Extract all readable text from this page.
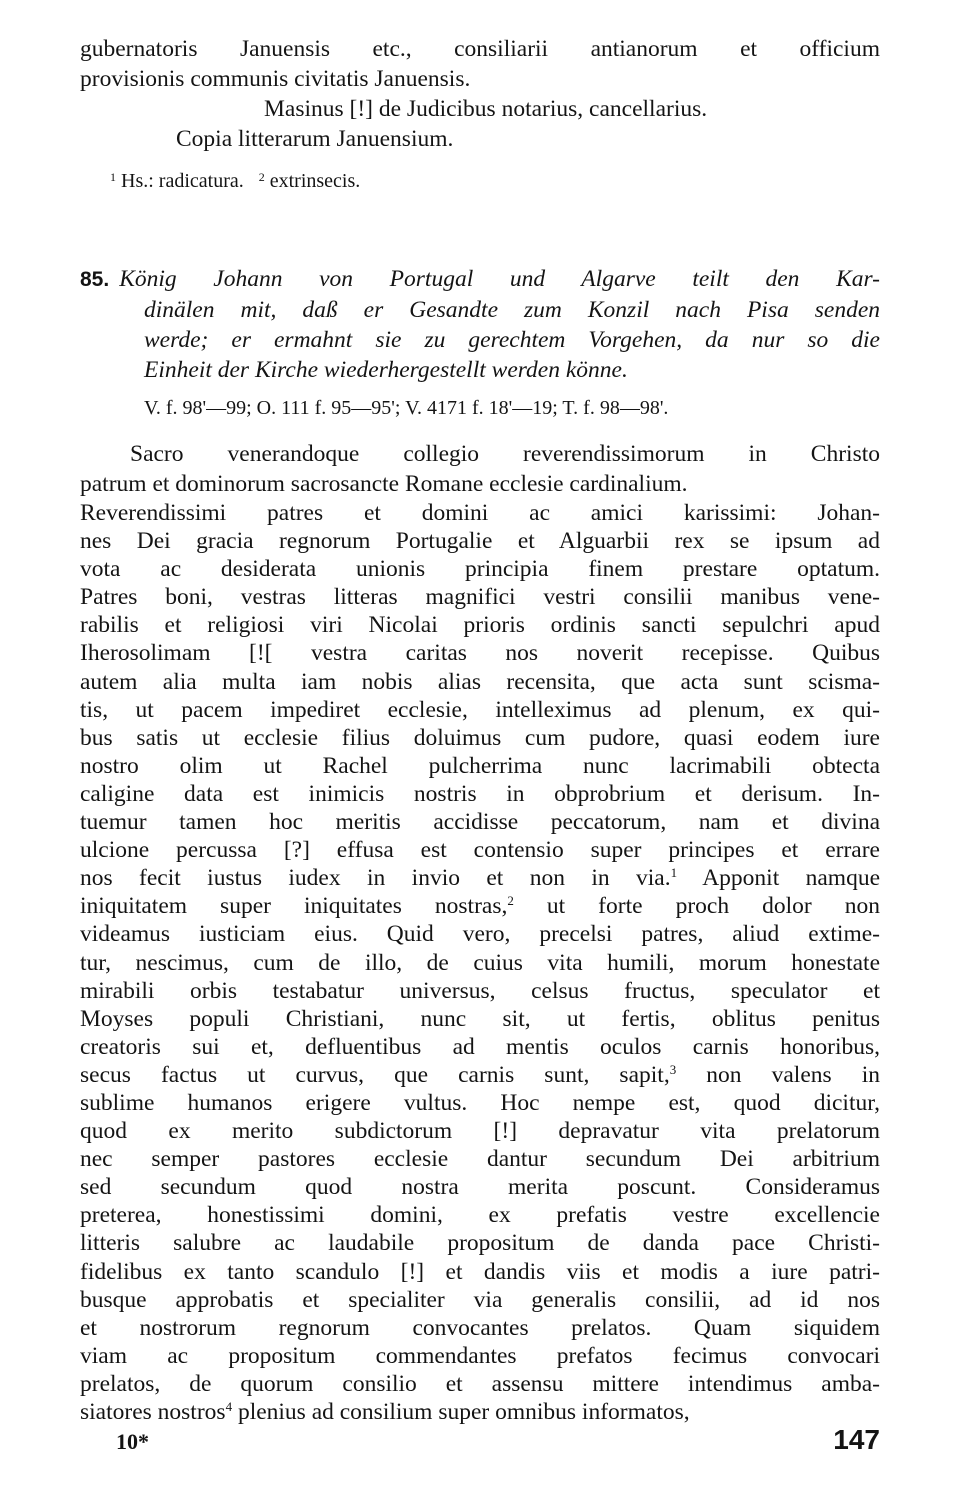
gubernatoris Januensis etc., consiliarii antianorum et officium
provisionis communis civitatis Januensis.
Masinus [!] de Judicibus notarius, cancellarius.
Copia litterarum Januensium.
$^1$ Hs.: radicatura. $^2$ extrinsecis.
85. König Johann von Portugal und Algarve teilt den Kar-
dinälen mit, daß er Gesandte zum Konzil nach Pisa senden
werde; er ermahnt sie zu gerechtem Vorgehen, da nur so die
Einheit der Kirche wiederhergestellt werden könne.
V. f. 98'—99; O. 111 f. 95—95'; V. 4171 f. 18'—19; T. f. 98—98'.
Sacro venerandoque collegio reverendissimorum in Christo
patrum et dominorum sacrosancte Romane ecclesie cardinalium.
Reverendissimi patres et domini ac amici karissimi: Johan-
nes Dei gracia regnorum Portugalie et Alguarbii rex se ipsum ad
vota ac desiderata unionis principia finem prestare optatum.
Patres boni, vestras litteras magnifici vestri consilii manibus vene-
rabilis et religiosi viri Nicolai prioris ordinis sancti sepulchri apud
Iherosolimam [![ vestra caritas nos noverit recepisse. Quibus
autem alia multa iam nobis alias recensita, que acta sunt scisma-
tis, ut pacem impediret ecclesie, intelleximus ad plenum, ex qui-
bus satis ut ecclesie filius doluimus cum pudore, quasi eodem iure
nostro olim ut Rachel pulcherrima nunc lacrimabili obtecta
caligine data est inimicis nostris in obprobrium et derisum. In-
tuemur tamen hoc meritis accidisse peccatorum, nam et divina
ulcione percussa [?] effusa est contensio super principes et errare
nos fecit iustus iudex in invio et non in via.$^1$ Apponit namque
iniquitatem super iniquitates nostras,$^2$ ut forte proch dolor non
videamus iusticiam eius. Quid vero, precelsi patres, aliud extime-
tur, nescimus, cum de illo, de cuius vita humili, morum honestate
mirabili orbis testabatur universus, celsus fructus, speculator et
Moyses populi Christiani, nunc sit, ut fertis, oblitus penitus
creatoris sui et, defluentibus ad mentis oculos carnis honoribus,
secus factus ut curvus, que carnis sunt, sapit,$^3$ non valens in
sublime humanos erigere vultus. Hoc nempe est, quod dicitur,
quod ex merito subdictorum [!] depravatur vita prelatorum
nec semper pastores ecclesie dantur secundum Dei arbitrium
sed secundum quod nostra merita poscunt. Consideramus
preterea, honestissimi domini, ex prefatis vestre excellencie
litteris salubre ac laudabile propositum de danda pace Christi-
fidelibus ex tanto scandulo [!] et dandis viis et modis a iure patri-
busque approbatis et specialiter via generalis consilii, ad id nos
et nostrorum regnorum convocantes prelatos. Quam siquidem
viam ac propositum commendantes prefatos fecimus convocari
prelatos, de quorum consilio et assensu mittere intendimus amba-
siatores nostros$^4$ plenius ad consilium super omnibus informatos,
10*	147
